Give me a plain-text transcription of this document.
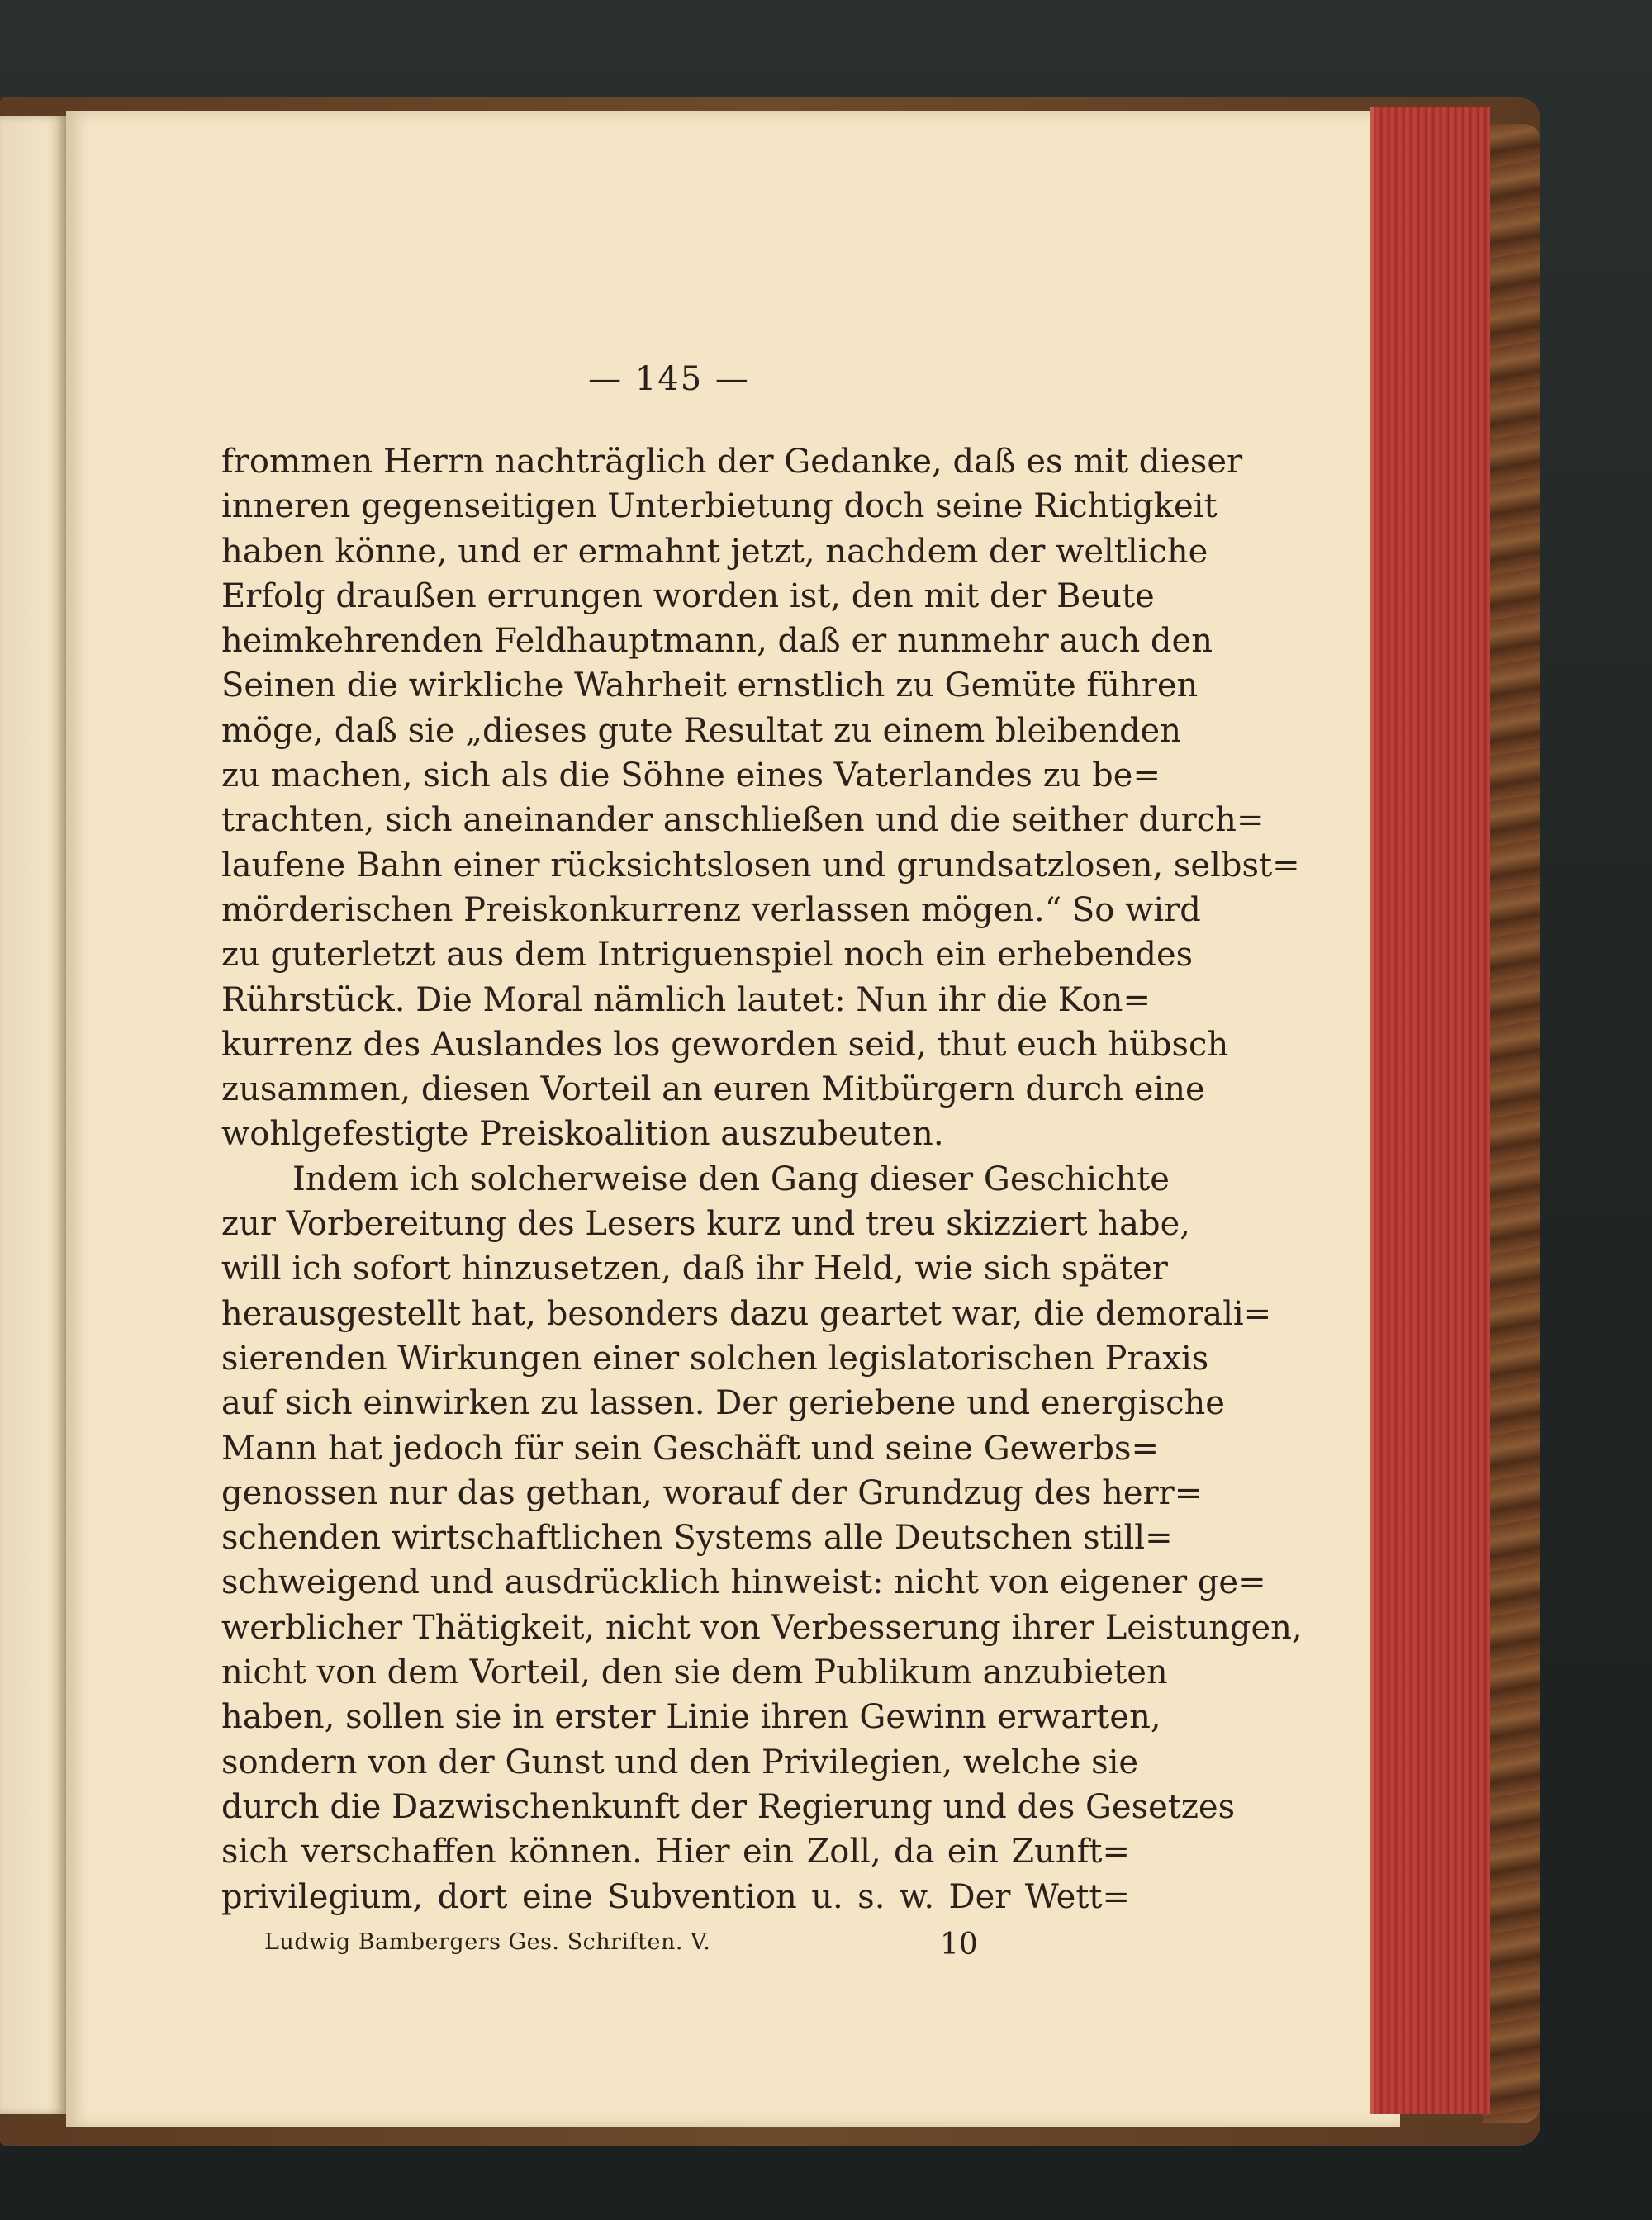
— 145 —
frommen Herrn nachträglich der Gedanke, daß es mit dieser
inneren gegenseitigen Unterbietung doch seine Richtigkeit
haben könne, und er ermahnt jetzt, nachdem der weltliche
Erfolg draußen errungen worden ist, den mit der Beute
heimkehrenden Feldhauptmann, daß er nunmehr auch den
Seinen die wirkliche Wahrheit ernstlich zu Gemüte führen
möge, daß sie „dieses gute Resultat zu einem bleibenden
zu machen, sich als die Söhne eines Vaterlandes zu be=
trachten, sich aneinander anschließen und die seither durch=
laufene Bahn einer rücksichtslosen und grundsatzlosen, selbst=
mörderischen Preiskonkurrenz verlassen mögen.“ So wird
zu guterletzt aus dem Intriguenspiel noch ein erhebendes
Rührstück. Die Moral nämlich lautet: Nun ihr die Kon=
kurrenz des Auslandes los geworden seid, thut euch hübsch
zusammen, diesen Vorteil an euren Mitbürgern durch eine
wohlgefestigte Preiskoalition auszubeuten.
Indem ich solcherweise den Gang dieser Geschichte
zur Vorbereitung des Lesers kurz und treu skizziert habe,
will ich sofort hinzusetzen, daß ihr Held, wie sich später
herausgestellt hat, besonders dazu geartet war, die demorali=
sierenden Wirkungen einer solchen legislatorischen Praxis
auf sich einwirken zu lassen. Der geriebene und energische
Mann hat jedoch für sein Geschäft und seine Gewerbs=
genossen nur das gethan, worauf der Grundzug des herr=
schenden wirtschaftlichen Systems alle Deutschen still=
schweigend und ausdrücklich hinweist: nicht von eigener ge=
werblicher Thätigkeit, nicht von Verbesserung ihrer Leistungen,
nicht von dem Vorteil, den sie dem Publikum anzubieten
haben, sollen sie in erster Linie ihren Gewinn erwarten,
sondern von der Gunst und den Privilegien, welche sie
durch die Dazwischenkunft der Regierung und des Gesetzes
sich verschaffen können. Hier ein Zoll, da ein Zunft=
privilegium, dort eine Subvention u. s. w. Der Wett=
Ludwig Bambergers Ges. Schriften. V.	10
